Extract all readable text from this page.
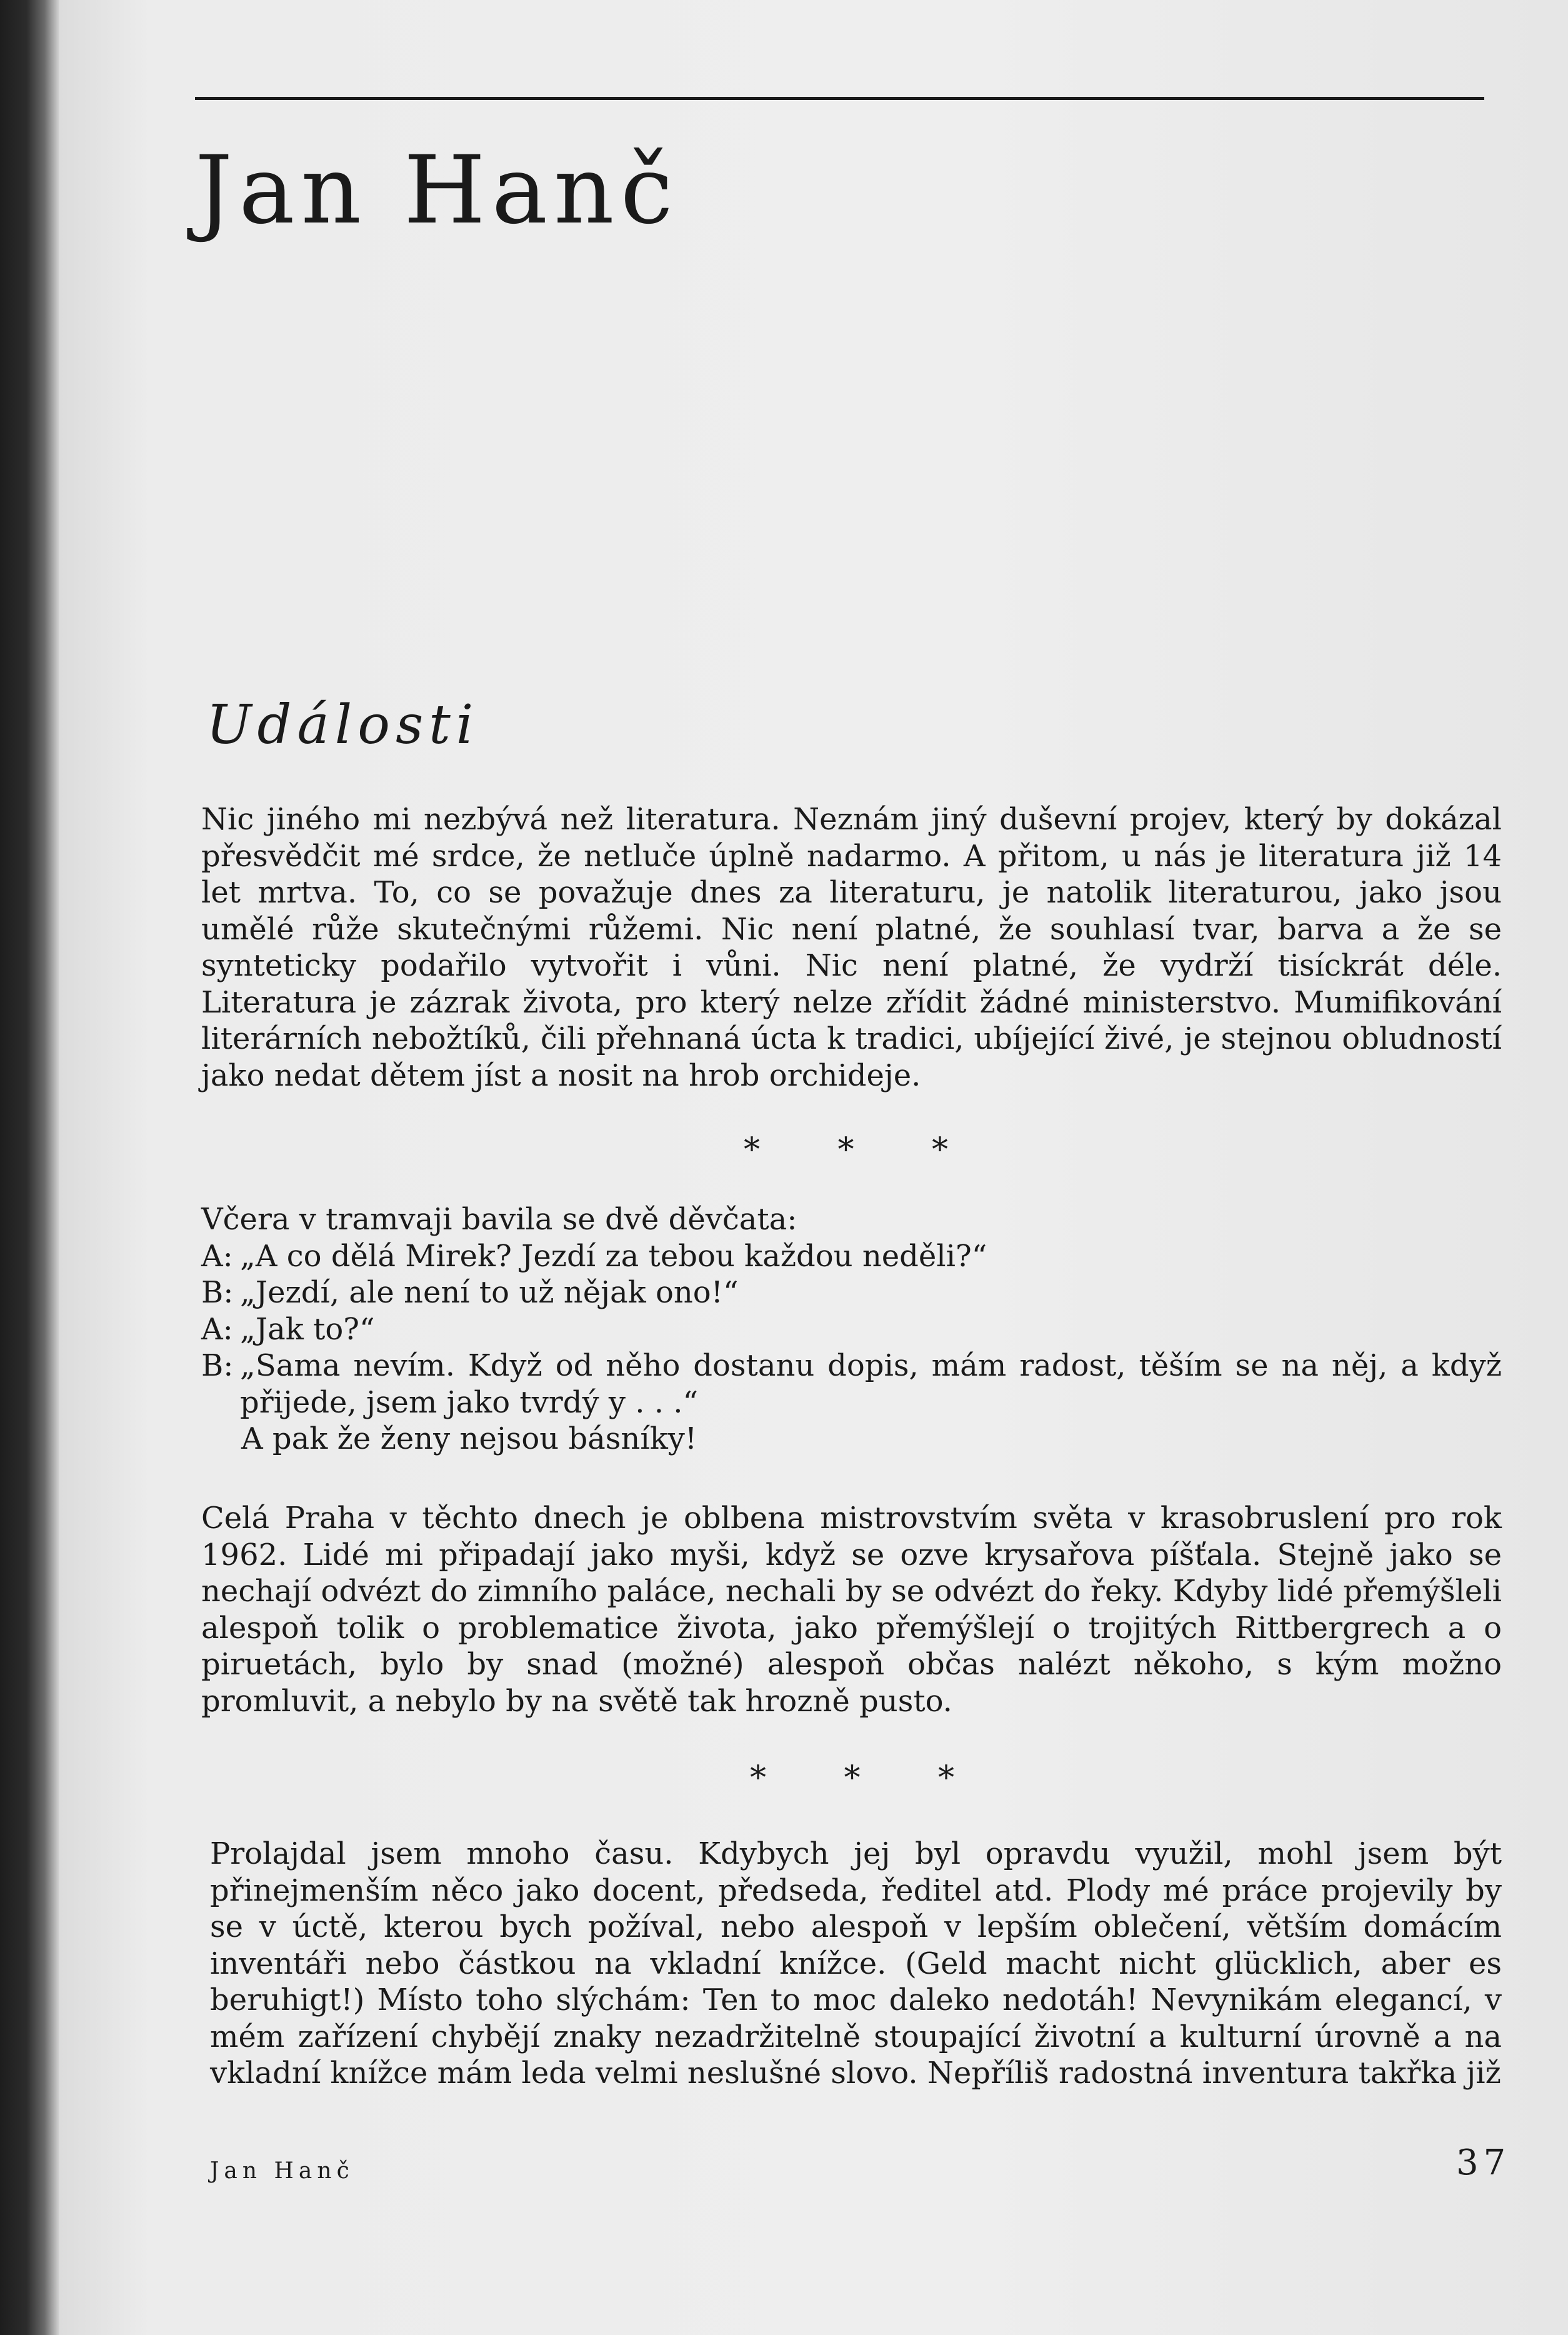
Jan Hanč
Události

Nic jiného mi nezbývá než literatura. Neznám jiný duševní projev, který by dokázal přesvědčit mé srdce, že netluče úplně nadarmo. A přitom, u nás je literatura již 14 let mrtva. To, co se považuje dnes za literaturu, je natolik literaturou, jako jsou umělé růže skutečnými růžemi. Nic není platné, že souhlasí tvar, barva a že se synteticky podařilo vytvořit i vůni. Nic není platné, že vydrží tisíckrát déle. Literatura je zázrak života, pro který nelze zřídit žádné ministerstvo. Mumifikování literárních nebožtíků, čili přehnaná úcta k tradici, ubíjející živé, je stejnou obludností jako nedat dětem jíst a nosit na hrob orchideje.

* * *

Včera v tramvaji bavila se dvě děvčata:

A: „A co dělá Mirek? Jezdí za tebou každou neděli?“
B: „Jezdí, ale není to už nějak ono!“
A: „Jak to?“
B: „Sama nevím. Když od něho dostanu dopis, mám radost, těším se na něj, a když přijede, jsem jako tvrdý y . . .“

A pak že ženy nejsou básníky!

Celá Praha v těchto dnech je oblbena mistrovstvím světa v krasobruslení pro rok 1962. Lidé mi připadají jako myši, když se ozve krysařova píšťala. Stejně jako se nechají odvézt do zimního paláce, nechali by se odvézt do řeky. Kdyby lidé přemýšleli alespoň tolik o problematice života, jako přemýšlejí o trojitých Rittbergrech a o piruetách, bylo by snad (možné) alespoň občas nalézt někoho, s kým možno promluvit, a nebylo by na světě tak hrozně pusto.

* * *

Prolajdal jsem mnoho času. Kdybych jej byl opravdu využil, mohl jsem být přinejmenším něco jako docent, předseda, ředitel atd. Plody mé práce projevily by se v úctě, kterou bych požíval, nebo alespoň v lepším oblečení, větším domácím inventáři nebo částkou na vkladní knížce. (Geld macht nicht glücklich, aber es beruhigt!) Místo toho slýchám: Ten to moc daleko nedotáh! Nevynikám elegancí, v mém zařízení chybějí znaky nezadržitelně stoupající životní a kulturní úrovně a na vkladní knížce mám leda velmi neslušné slovo. Nepříliš radostná inventura takřka již

Jan Hanč	37
